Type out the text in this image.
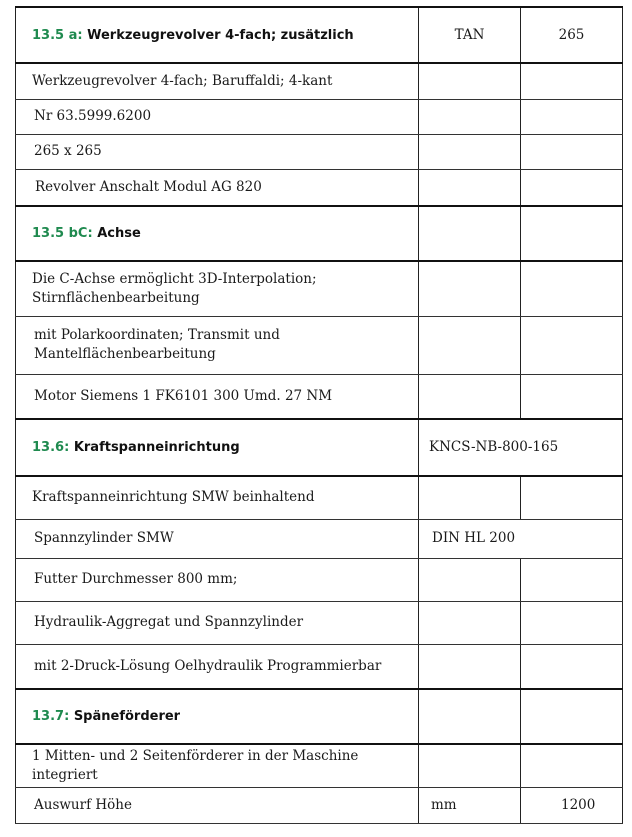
13.5 a: Werkzeugrevolver 4-fach; zusätzlich	TAN	265
Werkzeugrevolver 4-fach; Baruffaldi; 4-kant		
Nr 63.5999.6200		
265 x 265		
Revolver Anschalt Modul AG 820		
13.5 bC: Achse		
Die C-Achse ermöglicht 3D-Interpolation; Stirnflächenbearbeitung		
mit Polarkoordinaten; Transmit und Mantelflächenbearbeitung		
Motor Siemens 1 FK6101 300 Umd. 27 NM		
13.6: Kraftspanneinrichtung	KNCS-NB-800-165	
Kraftspanneinrichtung SMW beinhaltend		
Spannzylinder SMW	DIN HL 200	
Futter Durchmesser 800 mm;		
Hydraulik-Aggregat und Spannzylinder		
mit 2-Druck-Lösung Oelhydraulik Programmierbar		
13.7: Späneförderer		
1 Mitten- und 2 Seitenförderer in der Maschine integriert		
Auswurf Höhe	mm	1200
